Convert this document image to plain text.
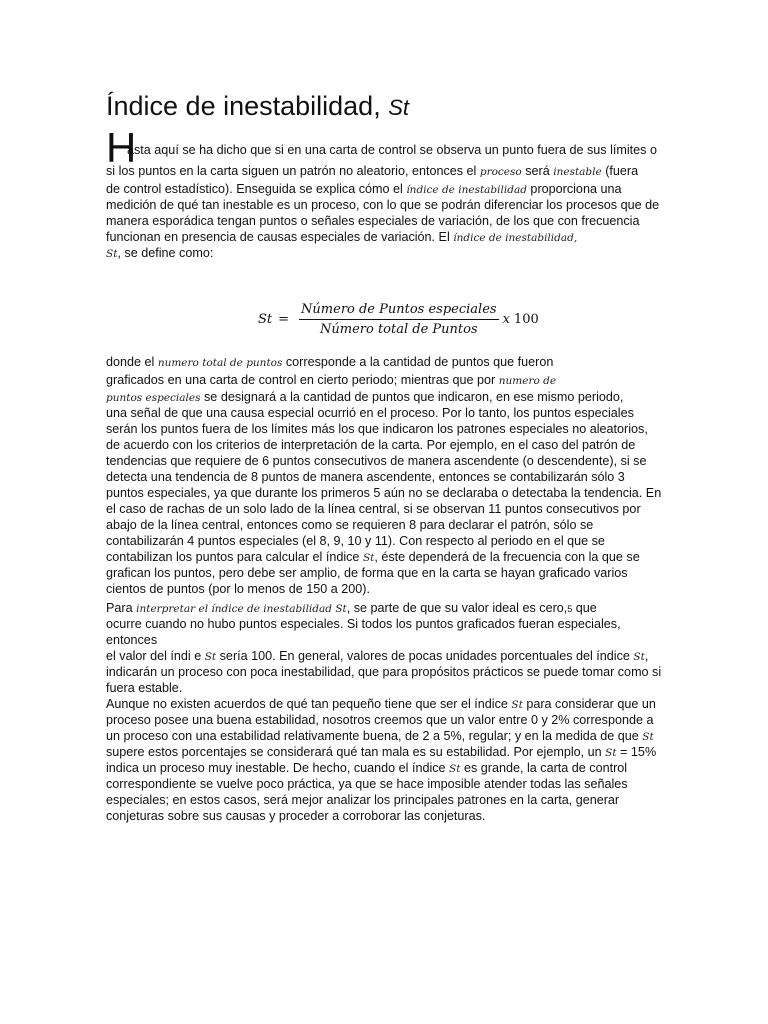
Índice de inestabilidad, St
H
asta aquí se ha dicho que si en una carta de control se observa un punto fuera de sus límites o
si los puntos en la carta siguen un patrón no aleatorio, entonces el proceso será inestable (fuera
de control estadístico). Enseguida se explica cómo el índice de inestabilidad proporciona una
medición de qué tan inestable es un proceso, con lo que se podrán diferenciar los procesos que de
manera esporádica tengan puntos o señales especiales de variación, de los que con frecuencia
funcionan en presencia de causas especiales de variación. El índice de inestabilidad,
St, se define como:
$St = \frac{\text{Número de Puntos especiales}}{\text{Número total de Puntos}}$ x 100
donde el numero total de puntos corresponde a la cantidad de puntos que fueron
graficados en una carta de control en cierto periodo; mientras que por numero de
puntos especiales se designará a la cantidad de puntos que indicaron, en ese mismo periodo,
una señal de que una causa especial ocurrió en el proceso. Por lo tanto, los puntos especiales
serán los puntos fuera de los límites más los que indicaron los patrones especiales no aleatorios,
de acuerdo con los criterios de interpretación de la carta. Por ejemplo, en el caso del patrón de
tendencias que requiere de 6 puntos consecutivos de manera ascendente (o descendente), si se
detecta una tendencia de 8 puntos de manera ascendente, entonces se contabilizarán sólo 3
puntos especiales, ya que durante los primeros 5 aún no se declaraba o detectaba la tendencia. En
el caso de rachas de un solo lado de la línea central, si se observan 11 puntos consecutivos por
abajo de la línea central, entonces como se requieren 8 para declarar el patrón, sólo se
contabilizarán 4 puntos especiales (el 8, 9, 10 y 11). Con respecto al periodo en el que se
contabilizan los puntos para calcular el índice St, éste dependerá de la frecuencia con la que se
grafican los puntos, pero debe ser amplio, de forma que en la carta se hayan graficado varios
cientos de puntos (por lo menos de 150 a 200).
Para interpretar el índice de inestabilidad St, se parte de que su valor ideal es cero,5 que
ocurre cuando no hubo puntos especiales. Si todos los puntos graficados fueran especiales,
entonces
el valor del índi e St sería 100. En general, valores de pocas unidades porcentuales del índice St,
indicarán un proceso con poca inestabilidad, que para propósitos prácticos se puede tomar como si
fuera estable.
Aunque no existen acuerdos de qué tan pequeño tiene que ser el índice St para considerar que un
proceso posee una buena estabilidad, nosotros creemos que un valor entre 0 y 2% corresponde a
un proceso con una estabilidad relativamente buena, de 2 a 5%, regular; y en la medida de que St
supere estos porcentajes se considerará qué tan mala es su estabilidad. Por ejemplo, un St = 15%
indica un proceso muy inestable. De hecho, cuando el índice St es grande, la carta de control
correspondiente se vuelve poco práctica, ya que se hace imposible atender todas las señales
especiales; en estos casos, será mejor analizar los principales patrones en la carta, generar
conjeturas sobre sus causas y proceder a corroborar las conjeturas.
